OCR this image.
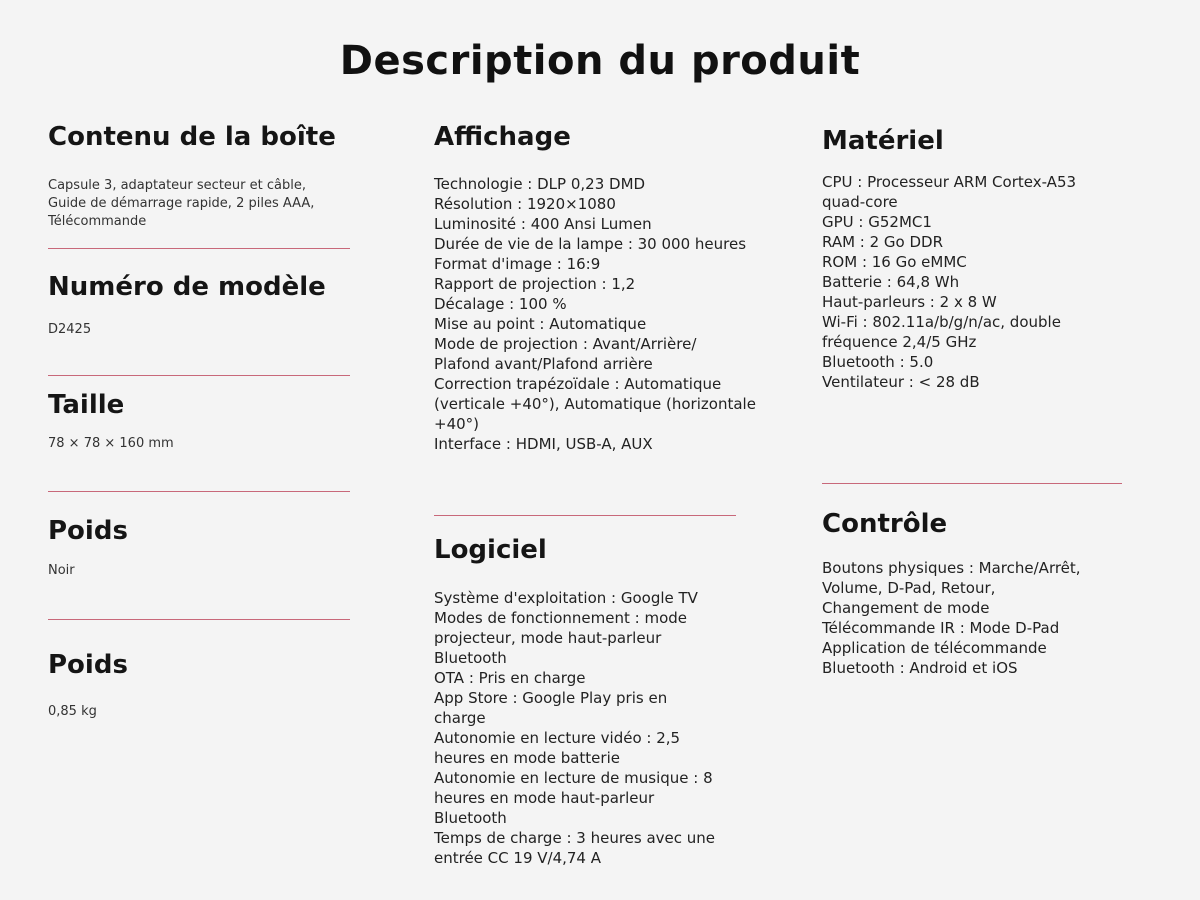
Description du produit
Contenu de la boîte
Capsule 3, adaptateur secteur et câble,
Guide de démarrage rapide, 2 piles AAA,
Télécommande
Numéro de modèle
D2425
Taille
78 × 78 × 160 mm
Poids
Noir
Poids
0,85 kg
Affichage
Technologie : DLP 0,23 DMD
Résolution : 1920×1080
Luminosité : 400 Ansi Lumen
Durée de vie de la lampe : 30 000 heures
Format d'image : 16:9
Rapport de projection : 1,2
Décalage : 100 %
Mise au point : Automatique
Mode de projection : Avant/Arrière/
Plafond avant/Plafond arrière
Correction trapézoïdale : Automatique
(verticale +40°), Automatique (horizontale
+40°)
Interface : HDMI, USB-A, AUX
Logiciel
Système d'exploitation : Google TV
Modes de fonctionnement : mode
projecteur, mode haut-parleur
Bluetooth
OTA : Pris en charge
App Store : Google Play pris en
charge
Autonomie en lecture vidéo : 2,5
heures en mode batterie
Autonomie en lecture de musique : 8
heures en mode haut-parleur
Bluetooth
Temps de charge : 3 heures avec une
entrée CC 19 V/4,74 A
Matériel
CPU : Processeur ARM Cortex-A53
quad-core
GPU : G52MC1
RAM : 2 Go DDR
ROM : 16 Go eMMC
Batterie : 64,8 Wh
Haut-parleurs : 2 x 8 W
Wi-Fi : 802.11a/b/g/n/ac, double
fréquence 2,4/5 GHz
Bluetooth : 5.0
Ventilateur : < 28 dB
Contrôle
Boutons physiques : Marche/Arrêt,
Volume, D-Pad, Retour,
Changement de mode
Télécommande IR : Mode D-Pad
Application de télécommande
Bluetooth : Android et iOS
